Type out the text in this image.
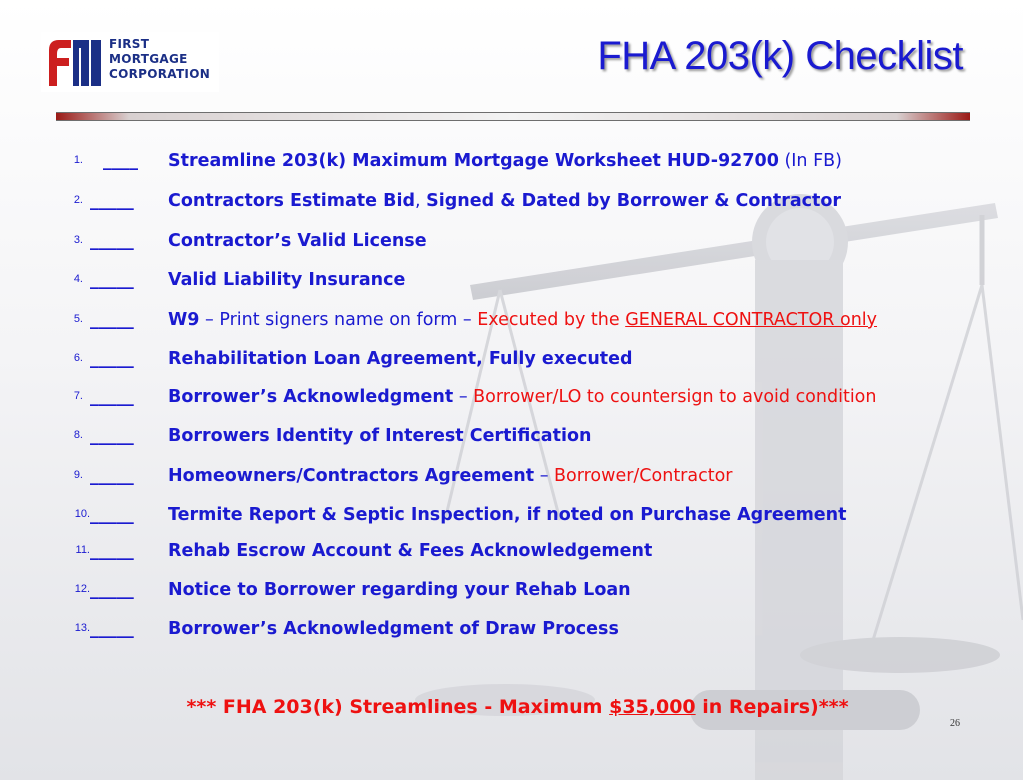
FIRST
MORTGAGE
CORPORATION	FHA 203(k) Checklist
1. ____ Streamline 203(k) Maximum Mortgage Worksheet HUD-92700 (In FB)
2. _____ Contractors Estimate Bid, Signed & Dated by Borrower & Contractor
3. _____ Contractor’s Valid License
4. _____ Valid Liability Insurance
5. _____ W9 – Print signers name on form – Executed by the GENERAL CONTRACTOR only
6. _____ Rehabilitation Loan Agreement, Fully executed
7. _____ Borrower’s Acknowledgment – Borrower/LO to countersign to avoid condition
8. _____ Borrowers Identity of Interest Certification
9. _____ Homeowners/Contractors Agreement – Borrower/Contractor
10. _____ Termite Report & Septic Inspection, if noted on Purchase Agreement
11. _____ Rehab Escrow Account & Fees Acknowledgement
12. _____ Notice to Borrower regarding your Rehab Loan
13. _____ Borrower’s Acknowledgment of Draw Process
*** FHA 203(k) Streamlines - Maximum $35,000 in Repairs)***
26
